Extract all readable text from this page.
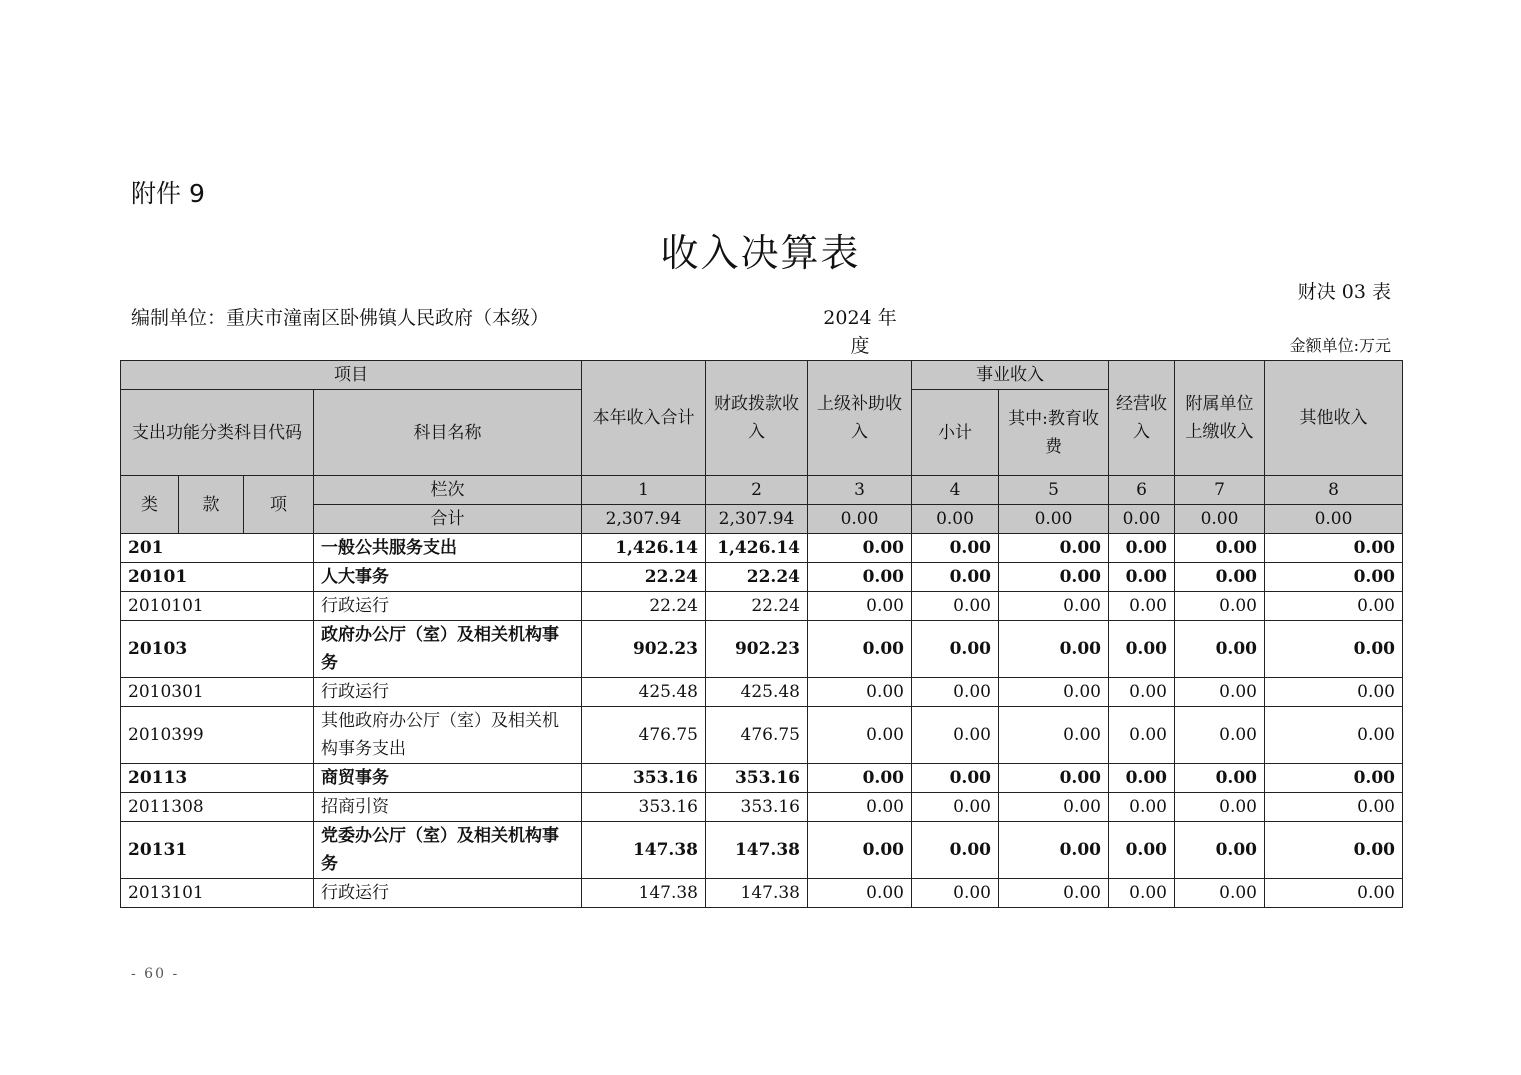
附件 9
收入决算表
财决 03 表
编制单位：重庆市潼南区卧佛镇人民政府（本级）	2024 年度	金额单位:万元
项目				本年收入合计	财政拨款收入	上级补助收入	事业收入		经营收入	附属单位上缴收入	其他收入
支出功能分类科目代码			科目名称				小计	其中:教育收费			
类	款	项	栏次	1	2	3	4	5	6	7	8
			合计	2,307.94	2,307.94	0.00	0.00	0.00	0.00	0.00	0.00
201			一般公共服务支出	1,426.14	1,426.14	0.00	0.00	0.00	0.00	0.00	0.00
20101			人大事务	22.24	22.24	0.00	0.00	0.00	0.00	0.00	0.00
2010101			行政运行	22.24	22.24	0.00	0.00	0.00	0.00	0.00	0.00
20103			政府办公厅（室）及相关机构事务	902.23	902.23	0.00	0.00	0.00	0.00	0.00	0.00
2010301			行政运行	425.48	425.48	0.00	0.00	0.00	0.00	0.00	0.00
2010399			其他政府办公厅（室）及相关机构事务支出	476.75	476.75	0.00	0.00	0.00	0.00	0.00	0.00
20113			商贸事务	353.16	353.16	0.00	0.00	0.00	0.00	0.00	0.00
2011308			招商引资	353.16	353.16	0.00	0.00	0.00	0.00	0.00	0.00
20131			党委办公厅（室）及相关机构事务	147.38	147.38	0.00	0.00	0.00	0.00	0.00	0.00
2013101			行政运行	147.38	147.38	0.00	0.00	0.00	0.00	0.00	0.00
- 60 -
